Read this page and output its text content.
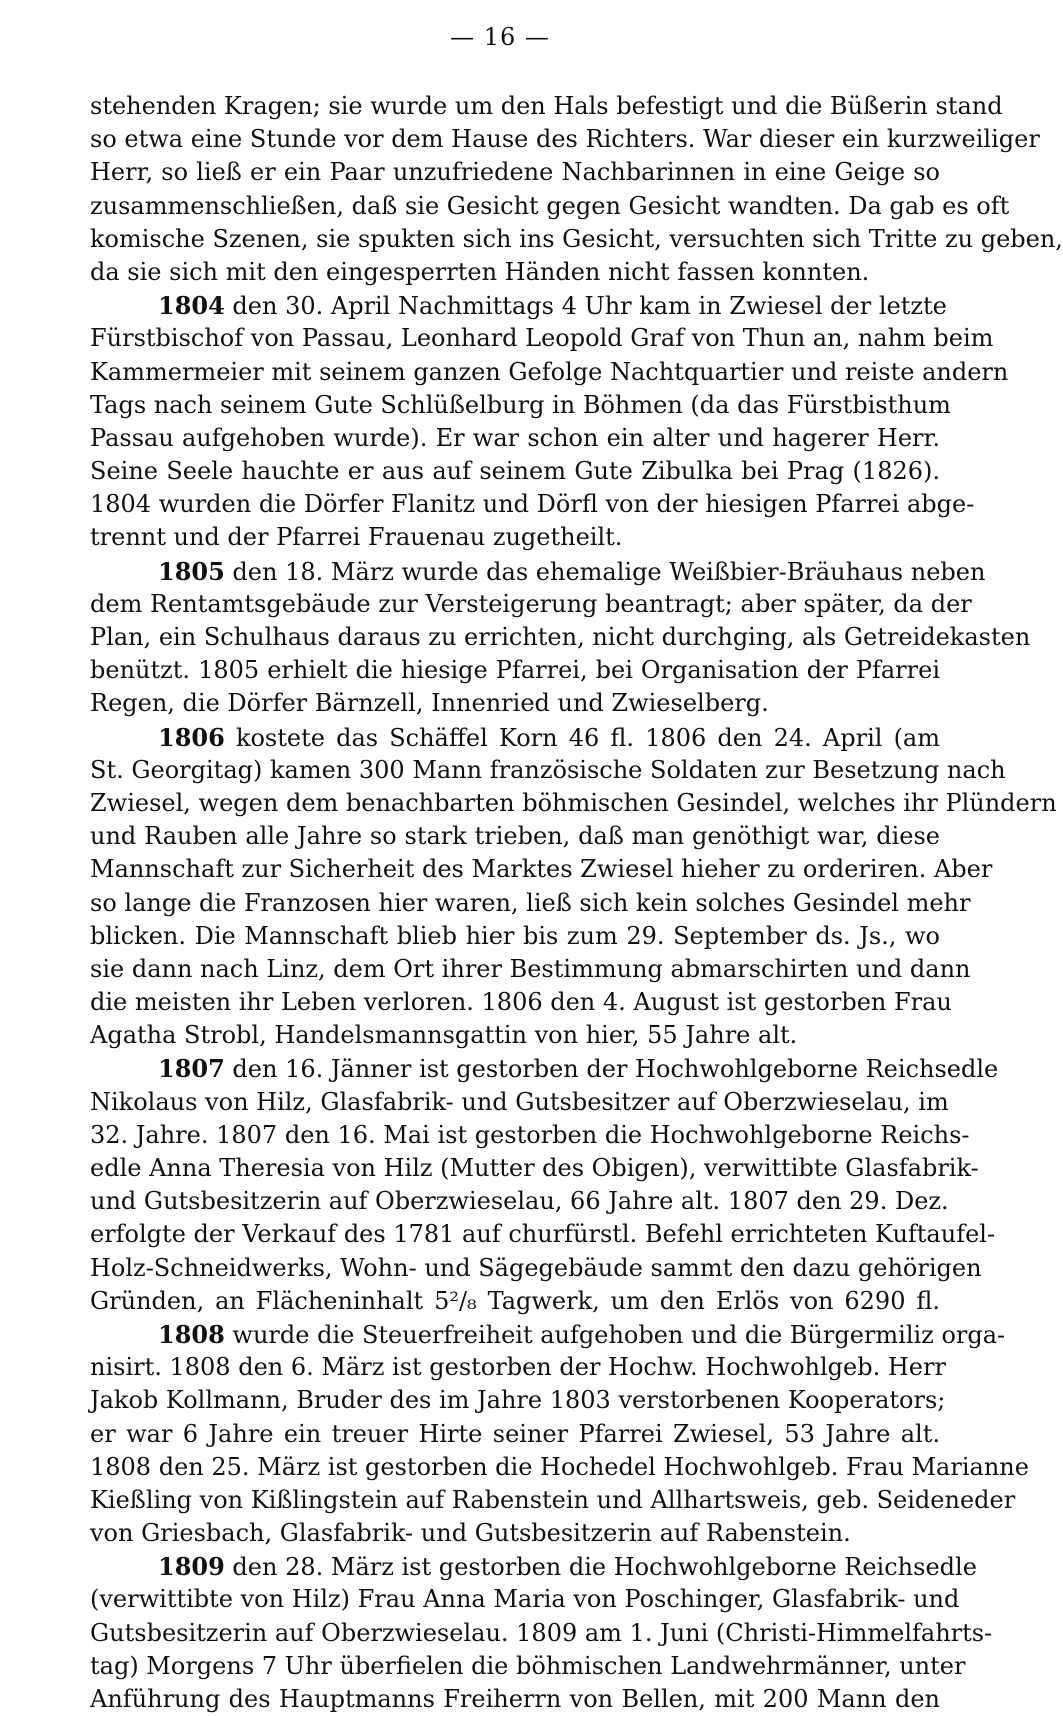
— 16 —
stehenden Kragen; sie wurde um den Hals befestigt und die Büßerin stand
so etwa eine Stunde vor dem Hause des Richters. War dieser ein kurzweiliger
Herr, so ließ er ein Paar unzufriedene Nachbarinnen in eine Geige so
zusammenschließen, daß sie Gesicht gegen Gesicht wandten. Da gab es oft
komische Szenen, sie spukten sich ins Gesicht, versuchten sich Tritte zu geben,
da sie sich mit den eingesperrten Händen nicht fassen konnten.
1804 den 30. April Nachmittags 4 Uhr kam in Zwiesel der letzte
Fürstbischof von Passau, Leonhard Leopold Graf von Thun an, nahm beim
Kammermeier mit seinem ganzen Gefolge Nachtquartier und reiste andern
Tags nach seinem Gute Schlüßelburg in Böhmen (da das Fürstbisthum
Passau aufgehoben wurde). Er war schon ein alter und hagerer Herr.
Seine Seele hauchte er aus auf seinem Gute Zibulka bei Prag (1826).
1804 wurden die Dörfer Flanitz und Dörfl von der hiesigen Pfarrei abge-
trennt und der Pfarrei Frauenau zugetheilt.
1805 den 18. März wurde das ehemalige Weißbier-Bräuhaus neben
dem Rentamtsgebäude zur Versteigerung beantragt; aber später, da der
Plan, ein Schulhaus daraus zu errichten, nicht durchging, als Getreidekasten
benützt. 1805 erhielt die hiesige Pfarrei, bei Organisation der Pfarrei
Regen, die Dörfer Bärnzell, Innenried und Zwieselberg.
1806 kostete das Schäffel Korn 46 fl. 1806 den 24. April (am
St. Georgitag) kamen 300 Mann französische Soldaten zur Besetzung nach
Zwiesel, wegen dem benachbarten böhmischen Gesindel, welches ihr Plündern
und Rauben alle Jahre so stark trieben, daß man genöthigt war, diese
Mannschaft zur Sicherheit des Marktes Zwiesel hieher zu orderiren. Aber
so lange die Franzosen hier waren, ließ sich kein solches Gesindel mehr
blicken. Die Mannschaft blieb hier bis zum 29. September ds. Js., wo
sie dann nach Linz, dem Ort ihrer Bestimmung abmarschirten und dann
die meisten ihr Leben verloren. 1806 den 4. August ist gestorben Frau
Agatha Strobl, Handelsmannsgattin von hier, 55 Jahre alt.
1807 den 16. Jänner ist gestorben der Hochwohlgeborne Reichsedle
Nikolaus von Hilz, Glasfabrik- und Gutsbesitzer auf Oberzwieselau, im
32. Jahre. 1807 den 16. Mai ist gestorben die Hochwohlgeborne Reichs-
edle Anna Theresia von Hilz (Mutter des Obigen), verwittibte Glasfabrik-
und Gutsbesitzerin auf Oberzwieselau, 66 Jahre alt. 1807 den 29. Dez.
erfolgte der Verkauf des 1781 auf churfürstl. Befehl errichteten Kuftaufel-
Holz-Schneidwerks, Wohn- und Sägegebäude sammt den dazu gehörigen
Gründen, an Flächeninhalt 5²/₈ Tagwerk, um den Erlös von 6290 fl.
1808 wurde die Steuerfreiheit aufgehoben und die Bürgermiliz orga-
nisirt. 1808 den 6. März ist gestorben der Hochw. Hochwohlgeb. Herr
Jakob Kollmann, Bruder des im Jahre 1803 verstorbenen Kooperators;
er war 6 Jahre ein treuer Hirte seiner Pfarrei Zwiesel, 53 Jahre alt.
1808 den 25. März ist gestorben die Hochedel Hochwohlgeb. Frau Marianne
Kießling von Kißlingstein auf Rabenstein und Allhartsweis, geb. Seideneder
von Griesbach, Glasfabrik- und Gutsbesitzerin auf Rabenstein.
1809 den 28. März ist gestorben die Hochwohlgeborne Reichsedle
(verwittibte von Hilz) Frau Anna Maria von Poschinger, Glasfabrik- und
Gutsbesitzerin auf Oberzwieselau. 1809 am 1. Juni (Christi-Himmelfahrts-
tag) Morgens 7 Uhr überfielen die böhmischen Landwehrmänner, unter
Anführung des Hauptmanns Freiherrn von Bellen, mit 200 Mann den
